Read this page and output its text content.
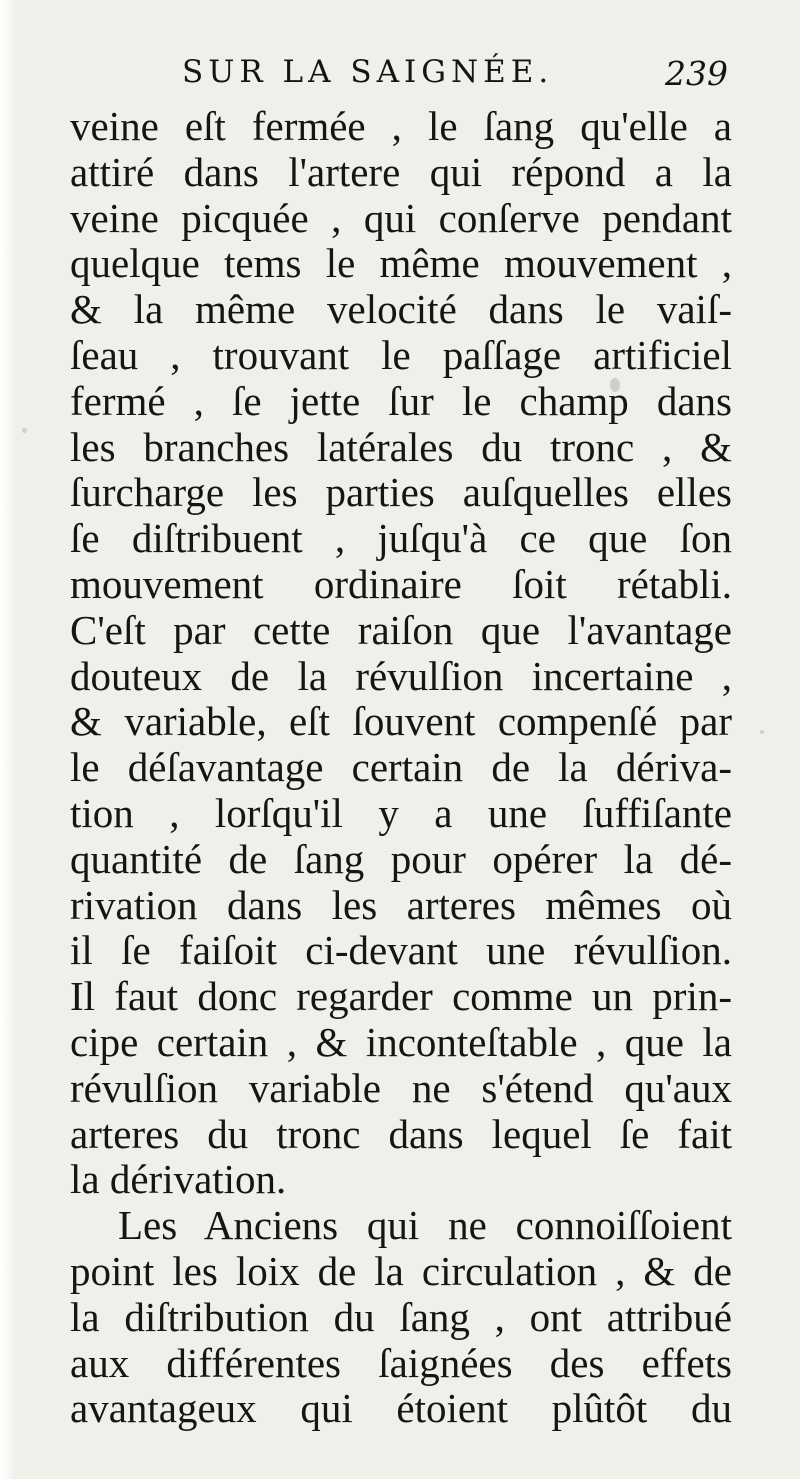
SUR LA SAIGNÉE.	239
veine eſt fermée , le ſang qu'elle a
attiré dans l'artere qui répond a la
veine picquée , qui conſerve pendant
quelque tems le même mouvement ,
& la même velocité dans le vaiſ-
ſeau , trouvant le paſſage artificiel
fermé , ſe jette ſur le champ dans
les branches latérales du tronc , &
ſurcharge les parties auſquelles elles
ſe diſtribuent , juſqu'à ce que ſon
mouvement ordinaire ſoit rétabli.
C'eſt par cette raiſon que l'avantage
douteux de la révulſion incertaine ,
& variable, eſt ſouvent compenſé par
le déſavantage certain de la dériva-
tion , lorſqu'il y a une ſuffiſante
quantité de ſang pour opérer la dé-
rivation dans les arteres mêmes où
il ſe faiſoit ci-devant une révulſion.
Il faut donc regarder comme un prin-
cipe certain , & inconteſtable , que la
révulſion variable ne s'étend qu'aux
arteres du tronc dans lequel ſe fait
la dérivation.
Les Anciens qui ne connoiſſoient
point les loix de la circulation , & de
la diſtribution du ſang , ont attribué
aux différentes ſaignées des effets
avantageux qui étoient plûtôt du
